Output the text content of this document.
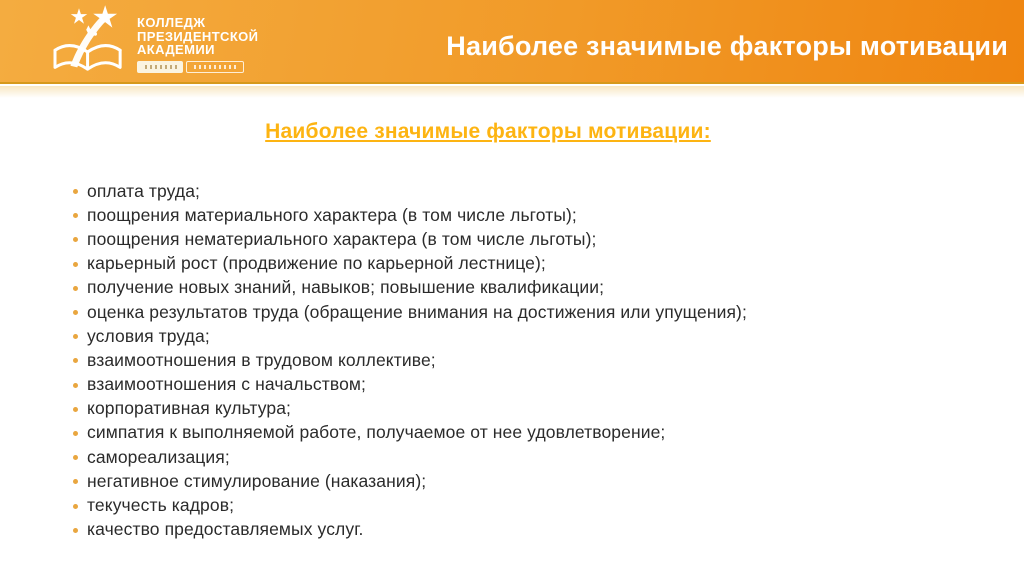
КОЛЛЕДЖ
ПРЕЗИДЕНТСКОЙ
АКАДЕМИИ	Наиболее значимые факторы мотивации
Наиболее значимые факторы мотивации:
оплата труда;
поощрения материального характера (в том числе льготы);
поощрения нематериального характера (в том числе льготы);
карьерный рост (продвижение по карьерной лестнице);
получение новых знаний, навыков; повышение квалификации;
оценка результатов труда (обращение внимания на достижения или упущения);
условия труда;
взаимоотношения в трудовом коллективе;
взаимоотношения с начальством;
корпоративная культура;
симпатия к выполняемой работе, получаемое от нее удовлетворение;
самореализация;
негативное стимулирование (наказания);
текучесть кадров;
качество предоставляемых услуг.
